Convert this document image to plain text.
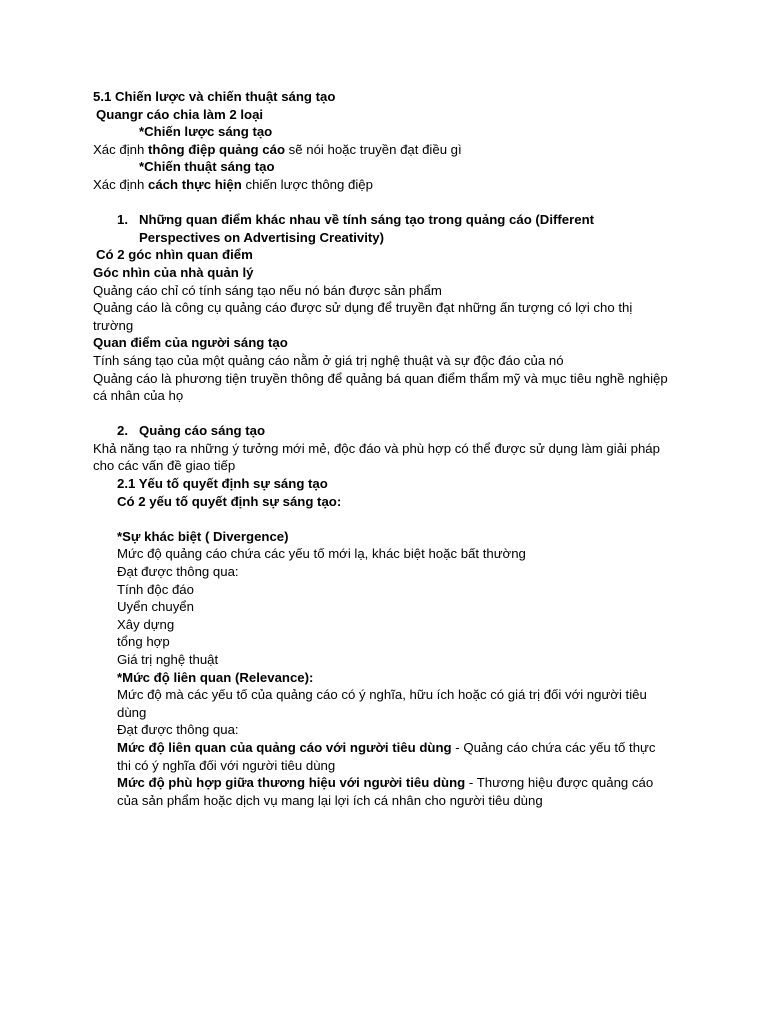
5.1 Chiến lược và chiến thuật sáng tạo

Quangr cáo chia làm 2 loại

*Chiến lược sáng tạo

Xác định thông điệp quảng cáo sẽ nói hoặc truyền đạt điều gì

*Chiến thuật sáng tạo

Xác định cách thực hiện chiến lược thông điệp

1. Những quan điểm khác nhau về tính sáng tạo trong quảng cáo (Different Perspectives on Advertising Creativity)

Có 2 góc nhìn quan điểm

Góc nhìn của nhà quản lý

Quảng cáo chỉ có tính sáng tạo nếu nó bán được sản phẩm

Quảng cáo là công cụ quảng cáo được sử dụng để truyền đạt những ấn tượng có lợi cho thị trường

Quan điểm của người sáng tạo

Tính sáng tạo của một quảng cáo nằm ở giá trị nghệ thuật và sự độc đáo của nó

Quảng cáo là phương tiện truyền thông để quảng bá quan điểm thẩm mỹ và mục tiêu nghề nghiệp cá nhân của họ

2. Quảng cáo sáng tạo

Khả năng tạo ra những ý tưởng mới mẻ, độc đáo và phù hợp có thể được sử dụng làm giải pháp cho các vấn đề giao tiếp

2.1 Yếu tố quyết định sự sáng tạo

Có 2 yếu tố quyết định sự sáng tạo:

*Sự khác biệt ( Divergence)

Mức độ quảng cáo chứa các yếu tố mới lạ, khác biệt hoặc bất thường

Đạt được thông qua:

Tính độc đáo

Uyển chuyển

Xây dựng

tổng hợp

Giá trị nghệ thuật

*Mức độ liên quan (Relevance):

Mức độ mà các yếu tố của quảng cáo có ý nghĩa, hữu ích hoặc có giá trị đối với người tiêu dùng

Đạt được thông qua:

Mức độ liên quan của quảng cáo với người tiêu dùng - Quảng cáo chứa các yếu tố thực thi có ý nghĩa đối với người tiêu dùng

Mức độ phù hợp giữa thương hiệu với người tiêu dùng - Thương hiệu được quảng cáo của sản phẩm hoặc dịch vụ mang lại lợi ích cá nhân cho người tiêu dùng
